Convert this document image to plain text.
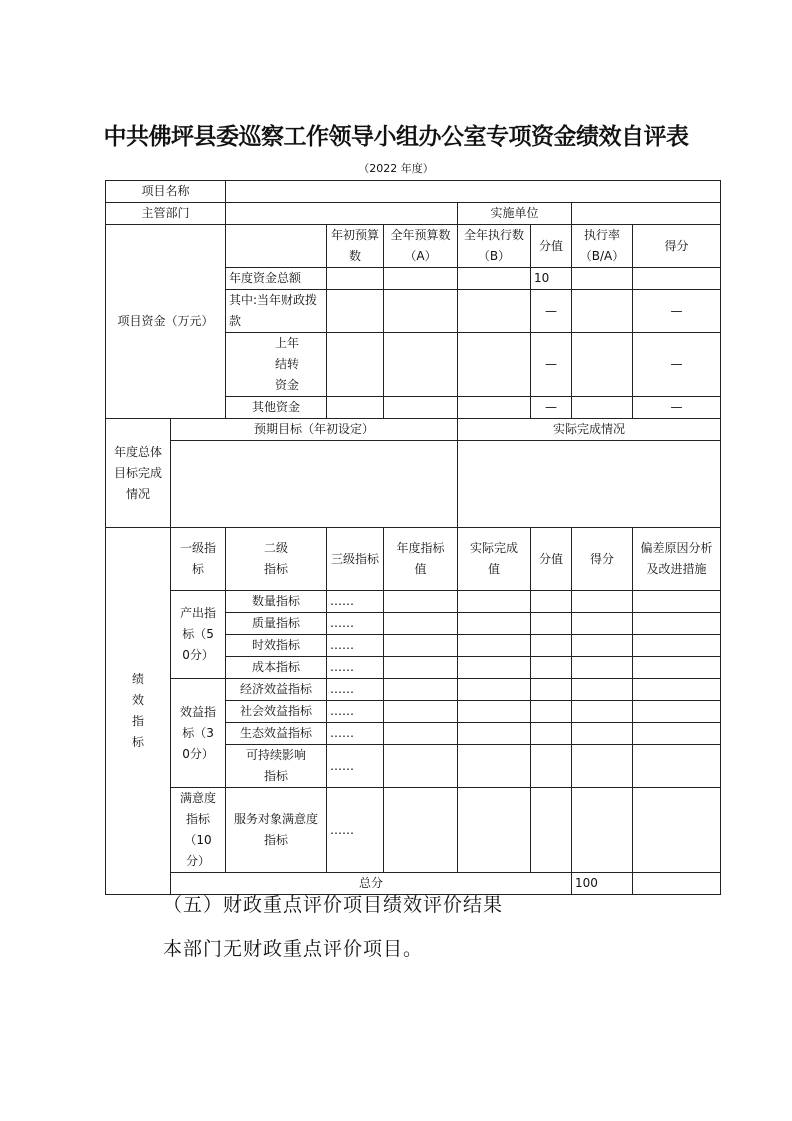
中共佛坪县委巡察工作领导小组办公室专项资金绩效自评表
（2022 年度）
项目名称									
主管部门					实施单位				
项目资金（万元）			年初预算数	全年预算数（A）	全年执行数（B）	分值	执行率（B/A）	得分	
		年度资金总额				10			
		其中:当年财政拨款				—		—	
		上年结转资金				—		—	
		其他资金				—		—	
年度总体目标完成情况	预期目标（年初设定）				实际完成情况				

绩效指标	一级指标	二级指标	三级指标	年度指标值	实际完成值	分值	得分	偏差原因分析及改进措施	
	产出指标（50分）	数量指标	……						
		质量指标	……						
		时效指标	……						
		成本指标	……						
	效益指标（30分）	经济效益指标	……						
		社会效益指标	……						
		生态效益指标	……						
		可持续影响指标	……						
	满意度指标（10分）	服务对象满意度指标	……						
	总分						100		
（五）财政重点评价项目绩效评价结果
本部门无财政重点评价项目。
